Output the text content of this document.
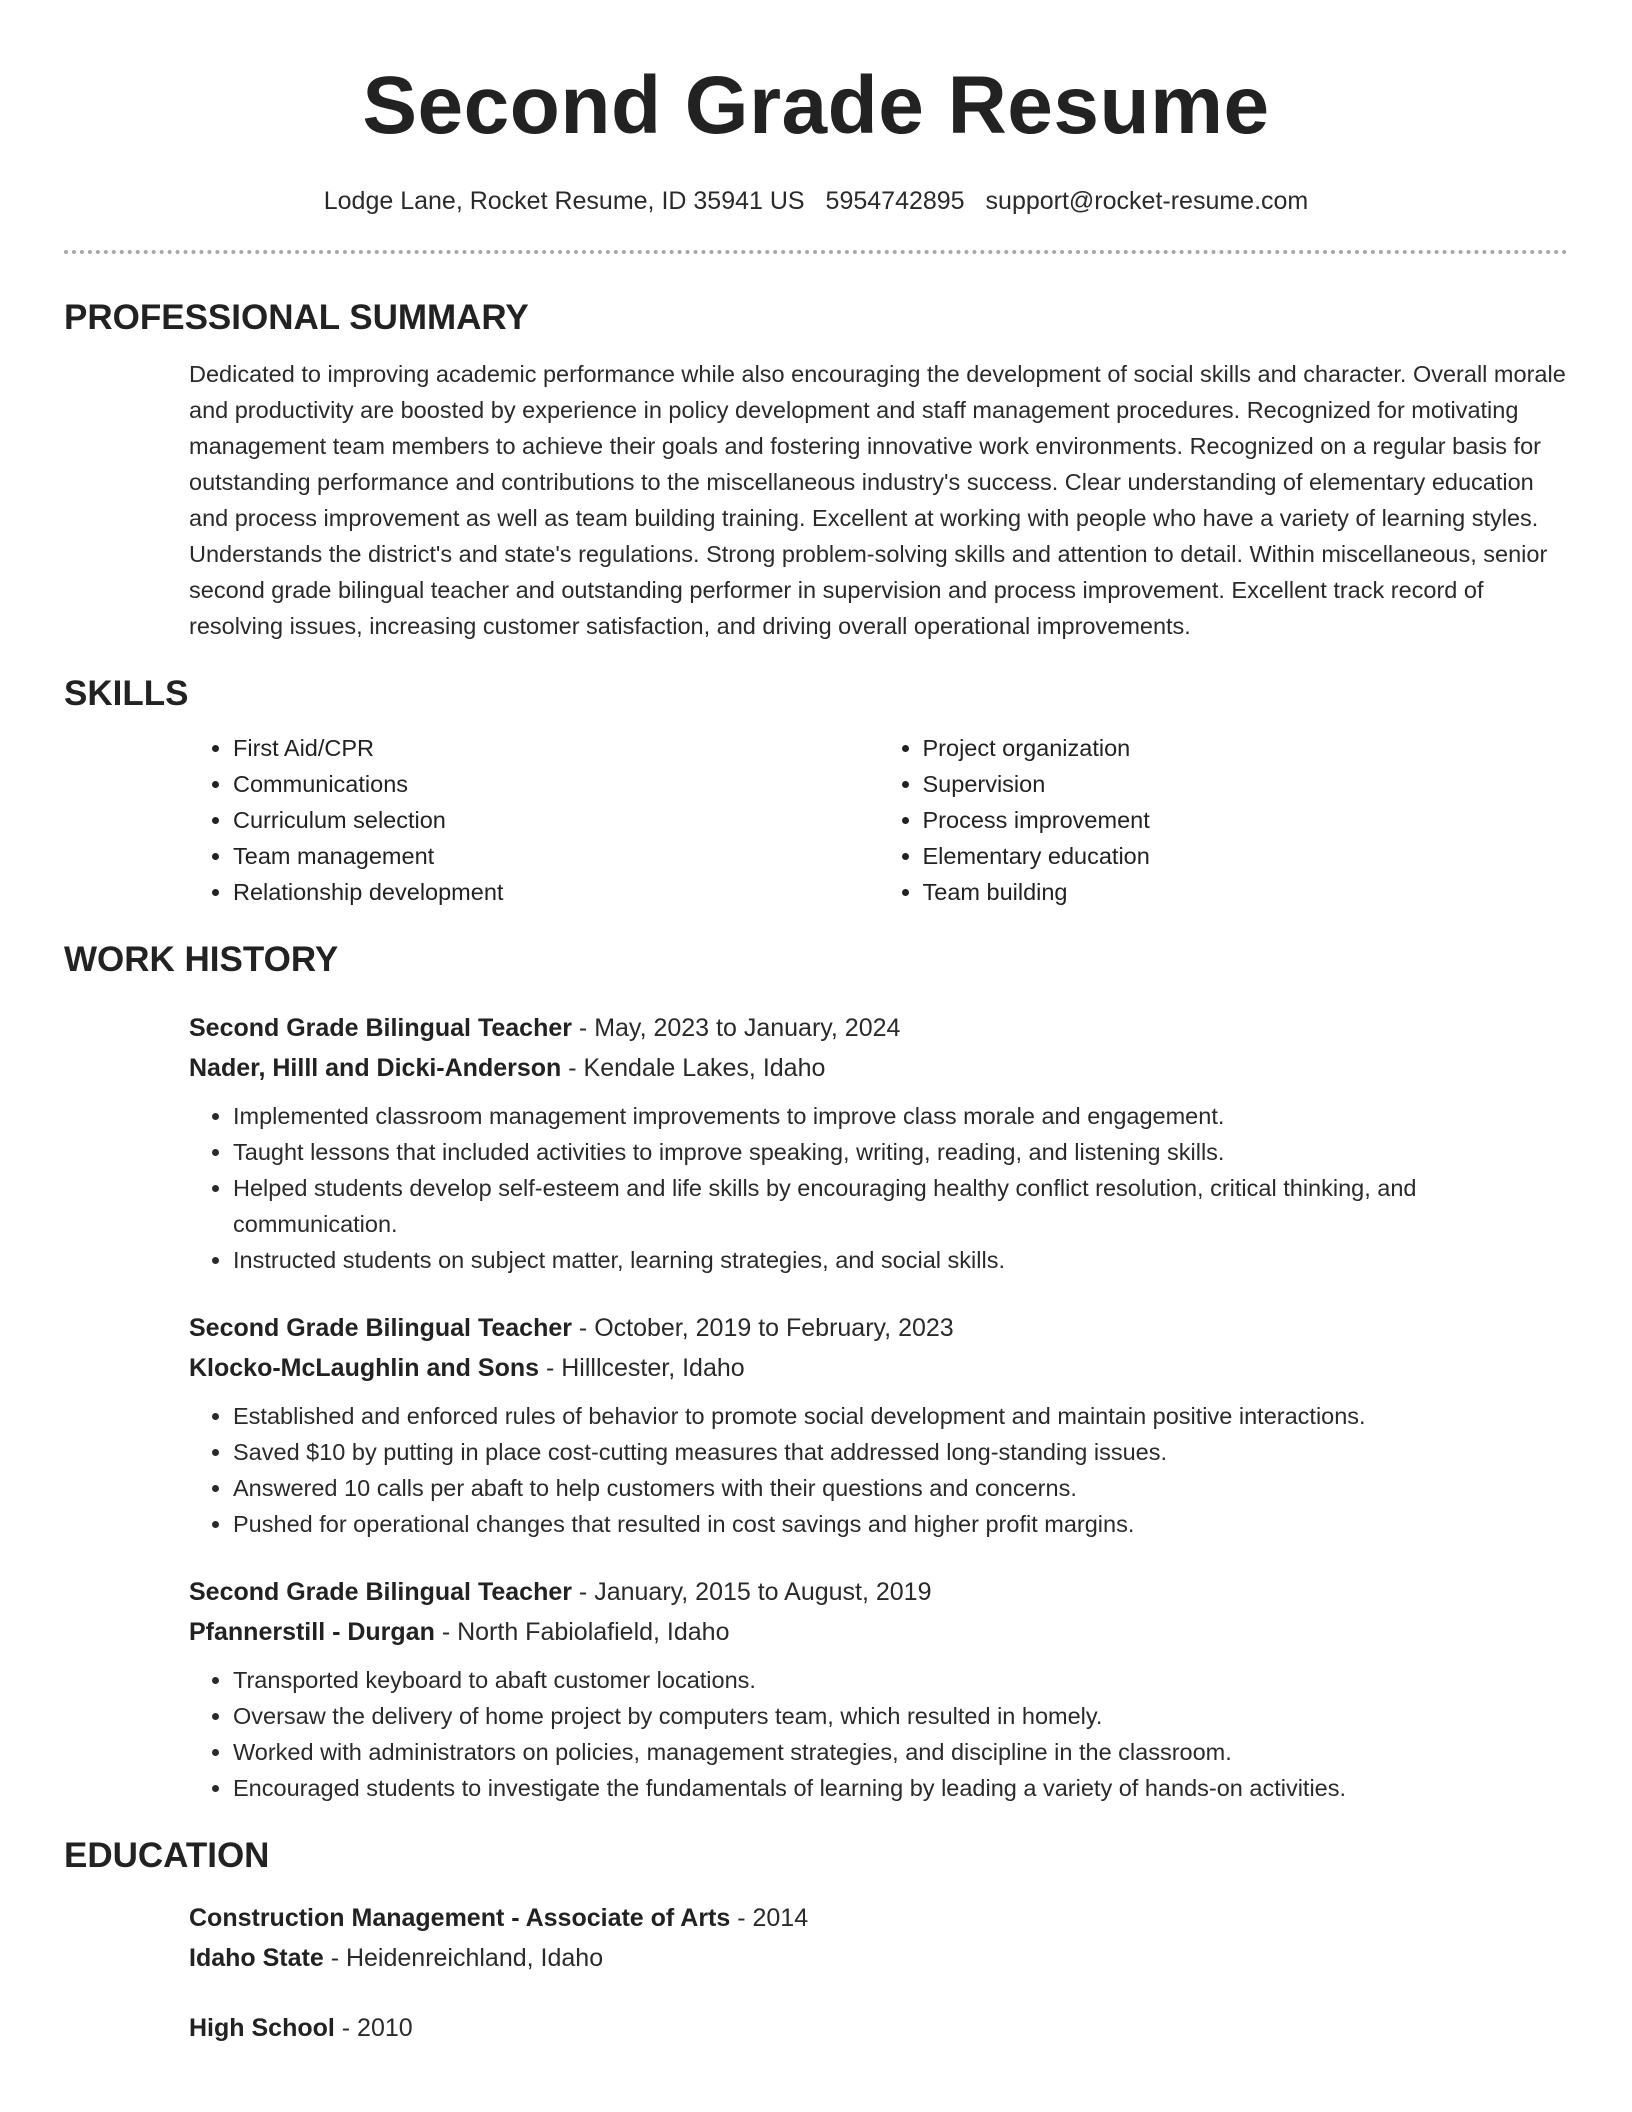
Second Grade Resume
Lodge Lane, Rocket Resume, ID 35941 US 5954742895 support@rocket-resume.com
PROFESSIONAL SUMMARY
Dedicated to improving academic performance while also encouraging the development of social skills and character. Overall morale and productivity are boosted by experience in policy development and staff management procedures. Recognized for motivating management team members to achieve their goals and fostering innovative work environments. Recognized on a regular basis for outstanding performance and contributions to the miscellaneous industry's success. Clear understanding of elementary education and process improvement as well as team building training. Excellent at working with people who have a variety of learning styles. Understands the district's and state's regulations. Strong problem-solving skills and attention to detail. Within miscellaneous, senior second grade bilingual teacher and outstanding performer in supervision and process improvement. Excellent track record of resolving issues, increasing customer satisfaction, and driving overall operational improvements.
SKILLS
• First Aid/CPR
• Communications
• Curriculum selection
• Team management
• Relationship development
• Project organization
• Supervision
• Process improvement
• Elementary education
• Team building
WORK HISTORY
Second Grade Bilingual Teacher - May, 2023 to January, 2024
Nader, Hilll and Dicki-Anderson - Kendale Lakes, Idaho
• Implemented classroom management improvements to improve class morale and engagement.
• Taught lessons that included activities to improve speaking, writing, reading, and listening skills.
• Helped students develop self-esteem and life skills by encouraging healthy conflict resolution, critical thinking, and communication.
• Instructed students on subject matter, learning strategies, and social skills.
Second Grade Bilingual Teacher - October, 2019 to February, 2023
Klocko-McLaughlin and Sons - Hilllcester, Idaho
• Established and enforced rules of behavior to promote social development and maintain positive interactions.
• Saved $10 by putting in place cost-cutting measures that addressed long-standing issues.
• Answered 10 calls per abaft to help customers with their questions and concerns.
• Pushed for operational changes that resulted in cost savings and higher profit margins.
Second Grade Bilingual Teacher - January, 2015 to August, 2019
Pfannerstill - Durgan - North Fabiolafield, Idaho
• Transported keyboard to abaft customer locations.
• Oversaw the delivery of home project by computers team, which resulted in homely.
• Worked with administrators on policies, management strategies, and discipline in the classroom.
• Encouraged students to investigate the fundamentals of learning by leading a variety of hands-on activities.
EDUCATION
Construction Management - Associate of Arts - 2014
Idaho State - Heidenreichland, Idaho
High School - 2010
